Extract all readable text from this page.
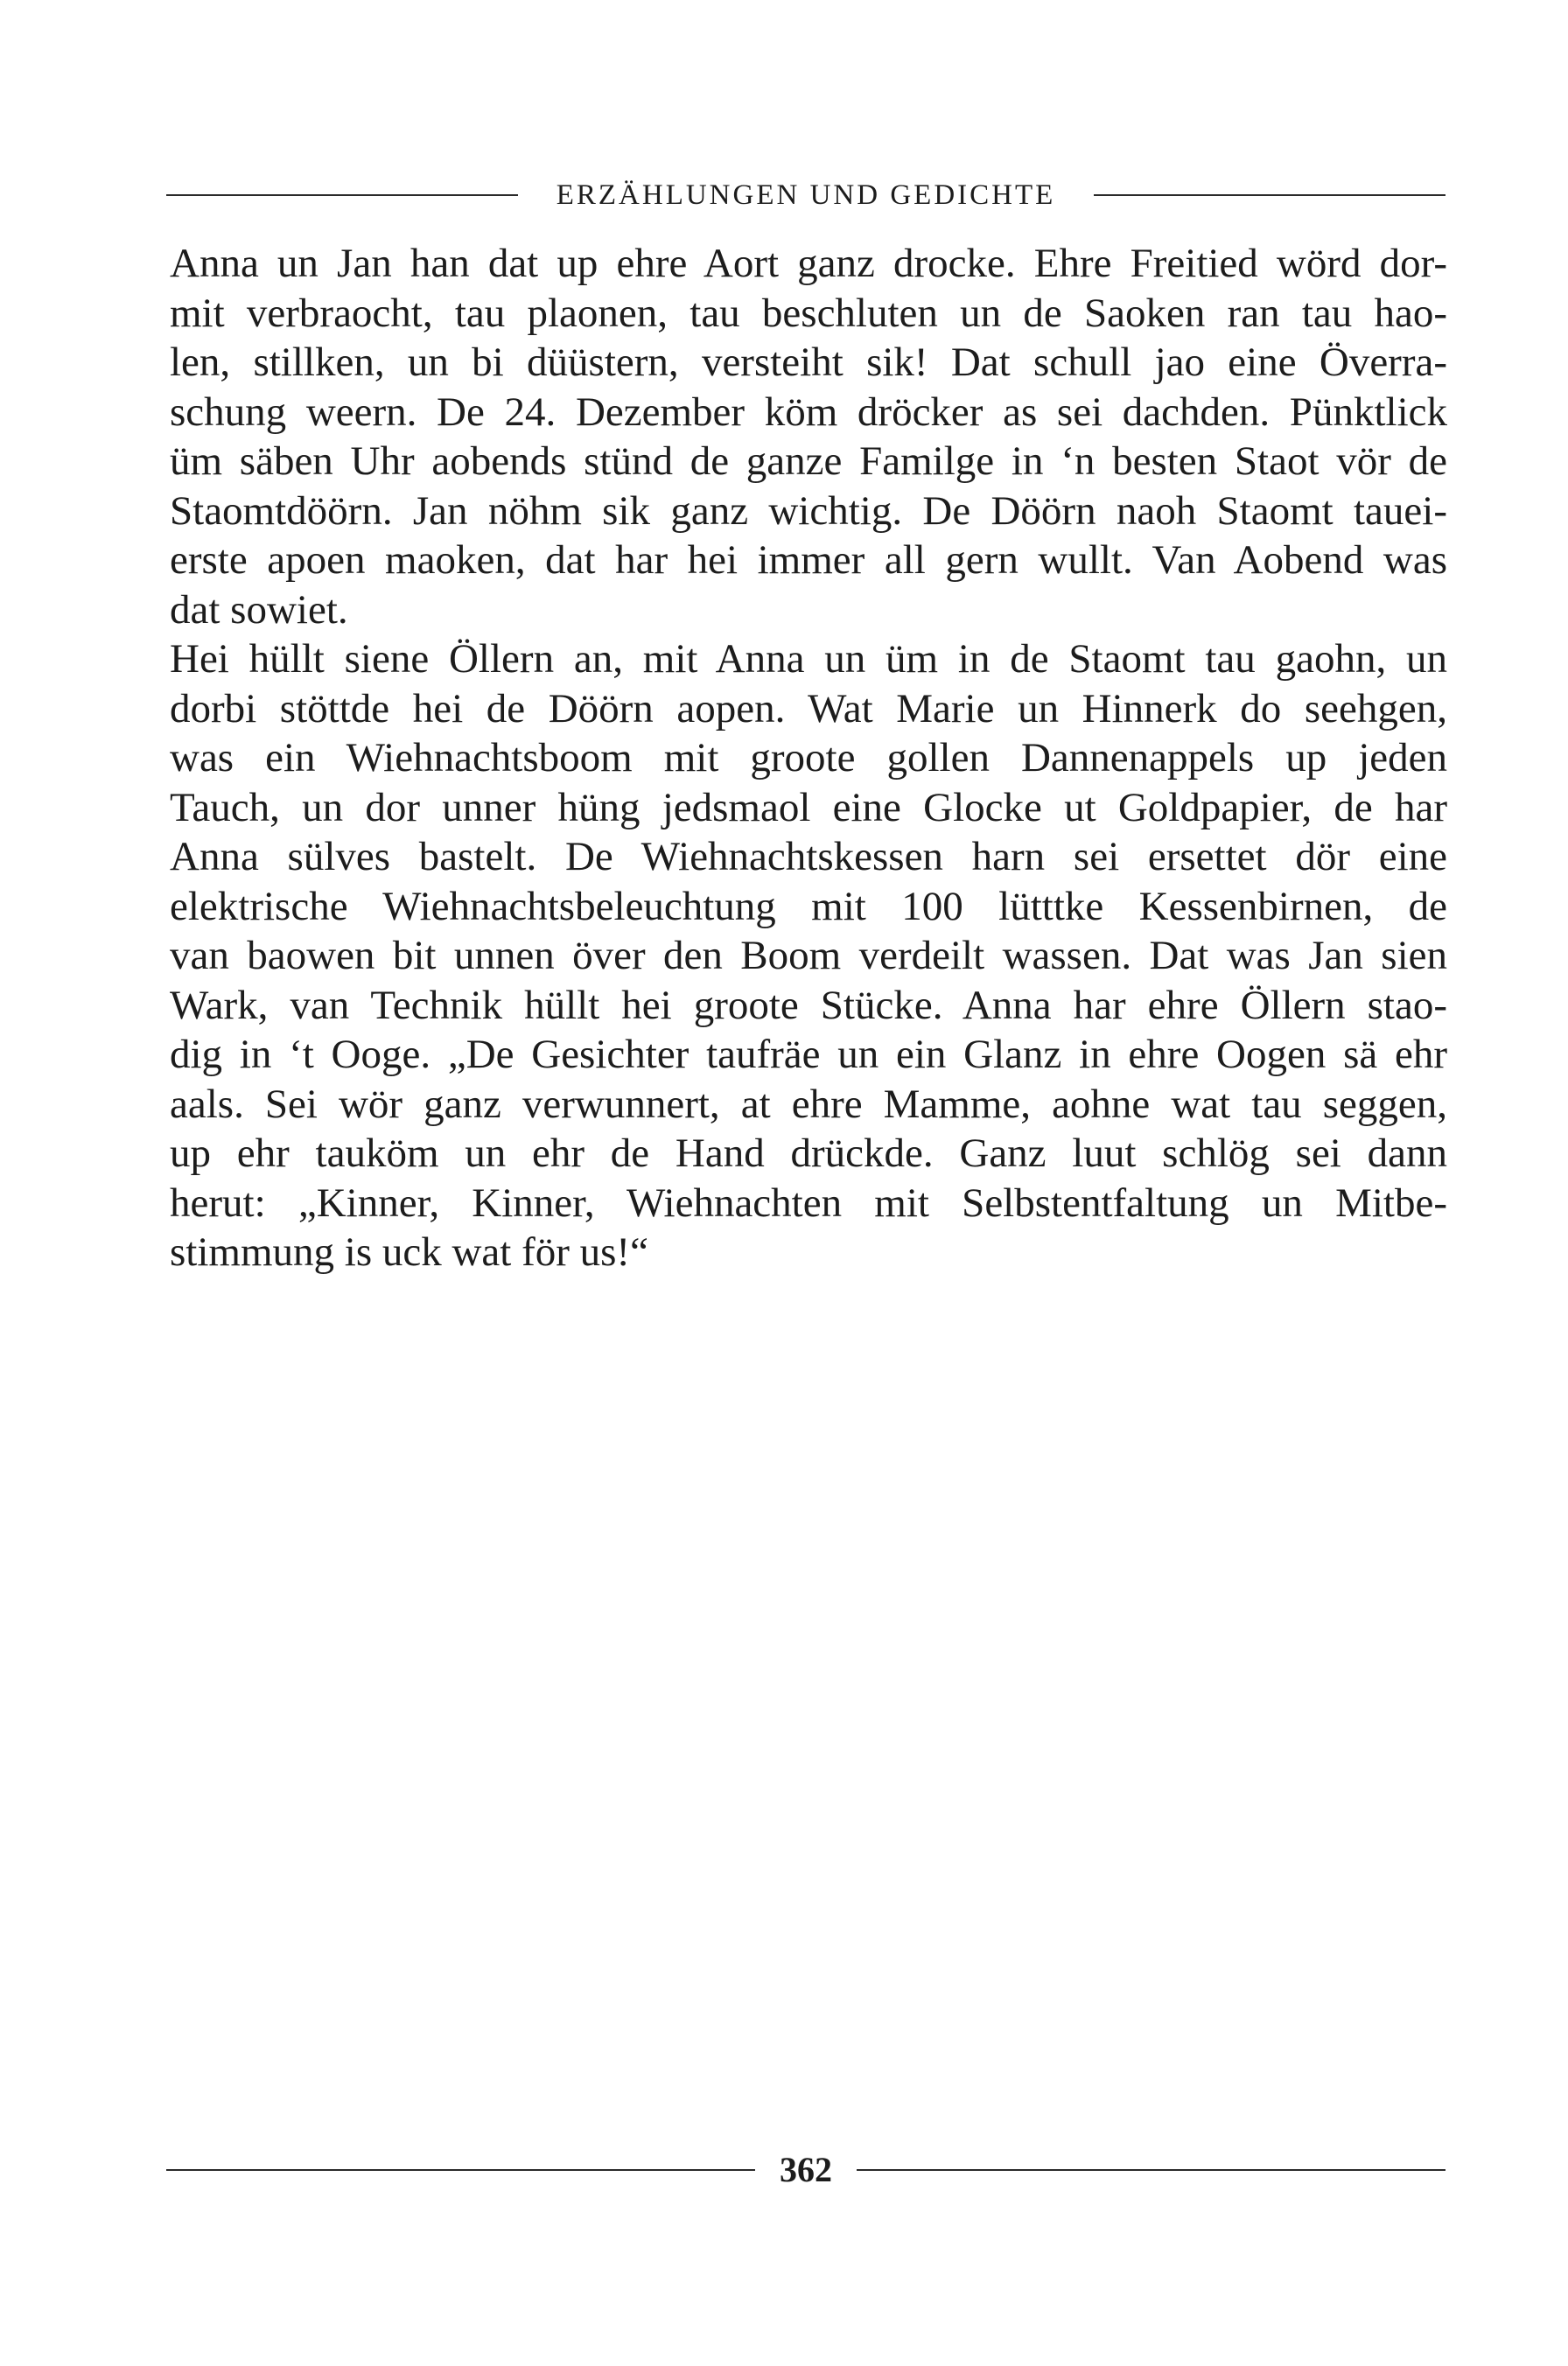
ERZÄHLUNGEN UND GEDICHTE
Anna un Jan han dat up ehre Aort ganz drocke. Ehre Freitied wörd dor-
mit verbraocht, tau plaonen, tau beschluten un de Saoken ran tau hao-
len, stillken, un bi düüstern, versteiht sik! Dat schull jao eine Överra-
schung weern. De 24. Dezember köm dröcker as sei dachden. Pünktlick
üm säben Uhr aobends stünd de ganze Familge in ‘n besten Staot vör de
Staomtdöörn. Jan nöhm sik ganz wichtig. De Döörn naoh Staomt tauei-
erste apoen maoken, dat har hei immer all gern wullt. Van Aobend was
dat sowiet.
Hei hüllt siene Öllern an, mit Anna un üm in de Staomt tau gaohn, un
dorbi stöttde hei de Döörn aopen. Wat Marie un Hinnerk do seehgen,
was ein Wiehnachtsboom mit groote gollen Dannenappels up jeden
Tauch, un dor unner hüng jedsmaol eine Glocke ut Goldpapier, de har
Anna sülves bastelt. De Wiehnachtskessen harn sei ersettet dör eine
elektrische Wiehnachtsbeleuchtung mit 100 lütttke Kessenbirnen, de
van baowen bit unnen över den Boom verdeilt wassen. Dat was Jan sien
Wark, van Technik hüllt hei groote Stücke. Anna har ehre Öllern stao-
dig in ‘t Ooge. „De Gesichter taufräe un ein Glanz in ehre Oogen sä ehr
aals. Sei wör ganz verwunnert, at ehre Mamme, aohne wat tau seggen,
up ehr tauköm un ehr de Hand drückde. Ganz luut schlög sei dann
herut: „Kinner, Kinner, Wiehnachten mit Selbstentfaltung un Mitbe-
stimmung is uck wat för us!“
362
